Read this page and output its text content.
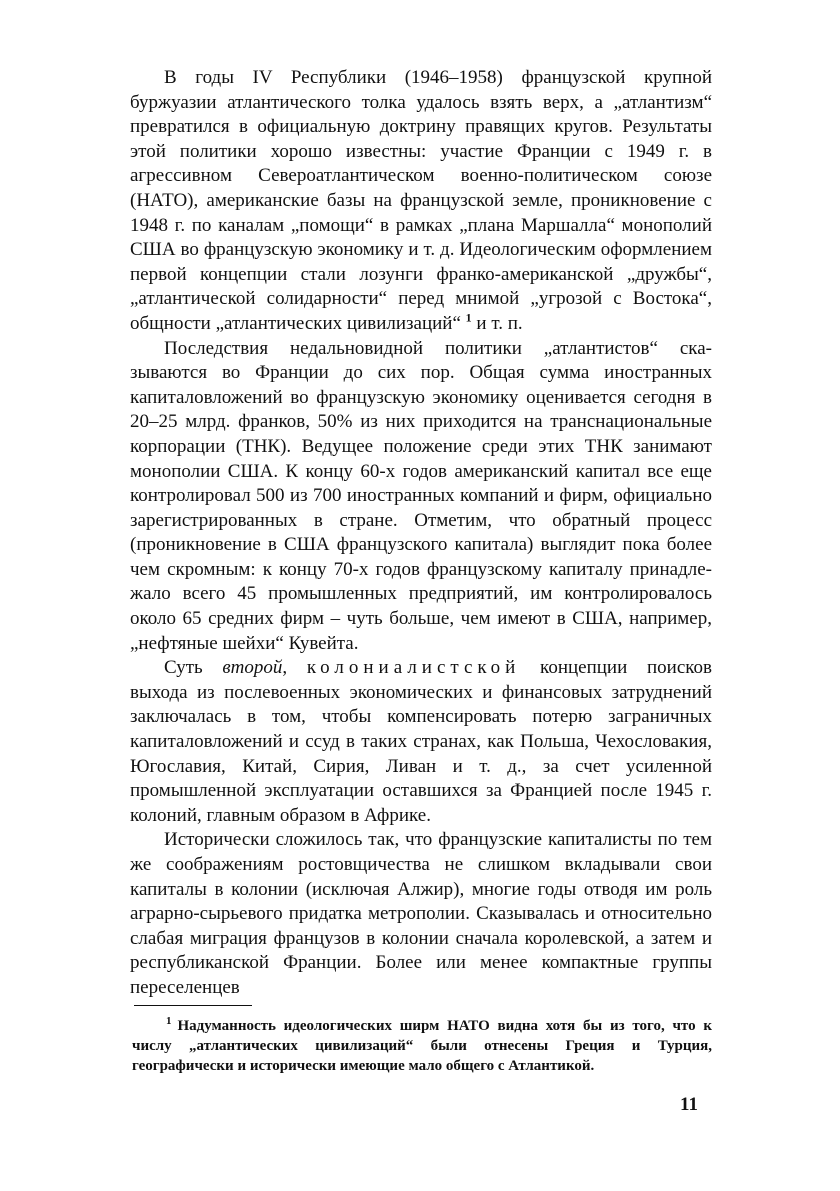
В годы IV Республики (1946–1958) французской крупной буржуазии атлантического толка удалось взять верх, а „атлантизм“ превратился в официальную доктрину правящих кругов. Результаты этой политики хорошо известны: участие Франции с 1949 г. в агрессивном Североатлантическом военно-политическом союзе (НАТО), американские базы на французской земле, проникновение с 1948 г. по каналам „помощи“ в рамках „плана Маршалла“ монополий США во французскую экономику и т. д. Идеологическим оформлением первой концепции стали лозунги франко-американской „дружбы“, „атлантической солидарности“ перед мнимой „угрозой с Востока“, общности „атлантических цивилизаций“ $^1$ и т. п.

Последствия недальновидной политики „атлантистов“ сказываются во Франции до сих пор. Общая сумма иностранных капиталовложений во французскую экономику оценивается сегодня в 20–25 млрд. франков, 50% из них приходится на транснациональные корпорации (ТНК). Ведущее положение среди этих ТНК занимают монополии США. К концу 60-х годов американский капитал все еще контролировал 500 из 700 иностранных компаний и фирм, официально зарегистрированных в стране. Отметим, что обратный процесс (проникновение в США французского капитала) выглядит пока более чем скромным: к концу 70-х годов французскому капиталу принадлежало всего 45 промышленных предприятий, им контролировалось около 65 средних фирм – чуть больше, чем имеют в США, например, „нефтяные шейхи“ Кувейта.

Суть второй, колониалистской концепции поисков выхода из послевоенных экономических и финансовых затруднений заключалась в том, чтобы компенсировать потерю заграничных капиталовложений и ссуд в таких странах, как Польша, Чехословакия, Югославия, Китай, Сирия, Ливан и т. д., за счет усиленной промышленной эксплуатации оставшихся за Францией после 1945 г. колоний, главным образом в Африке.

Исторически сложилось так, что французские капиталисты по тем же соображениям ростовщичества не слишком вкладывали свои капиталы в колонии (исключая Алжир), многие годы отводя им роль аграрно-сырьевого придатка метрополии. Сказывалась и относительно слабая миграция французов в колонии сначала королевской, а затем и республиканской Франции. Более или менее компактные группы переселенцев

$^1$ Надуманность идеологических ширм НАТО видна хотя бы из того, что к числу „атлантических цивилизаций“ были отнесены Греция и Турция, географически и исторически имеющие мало общего с Атлантикой.

11
